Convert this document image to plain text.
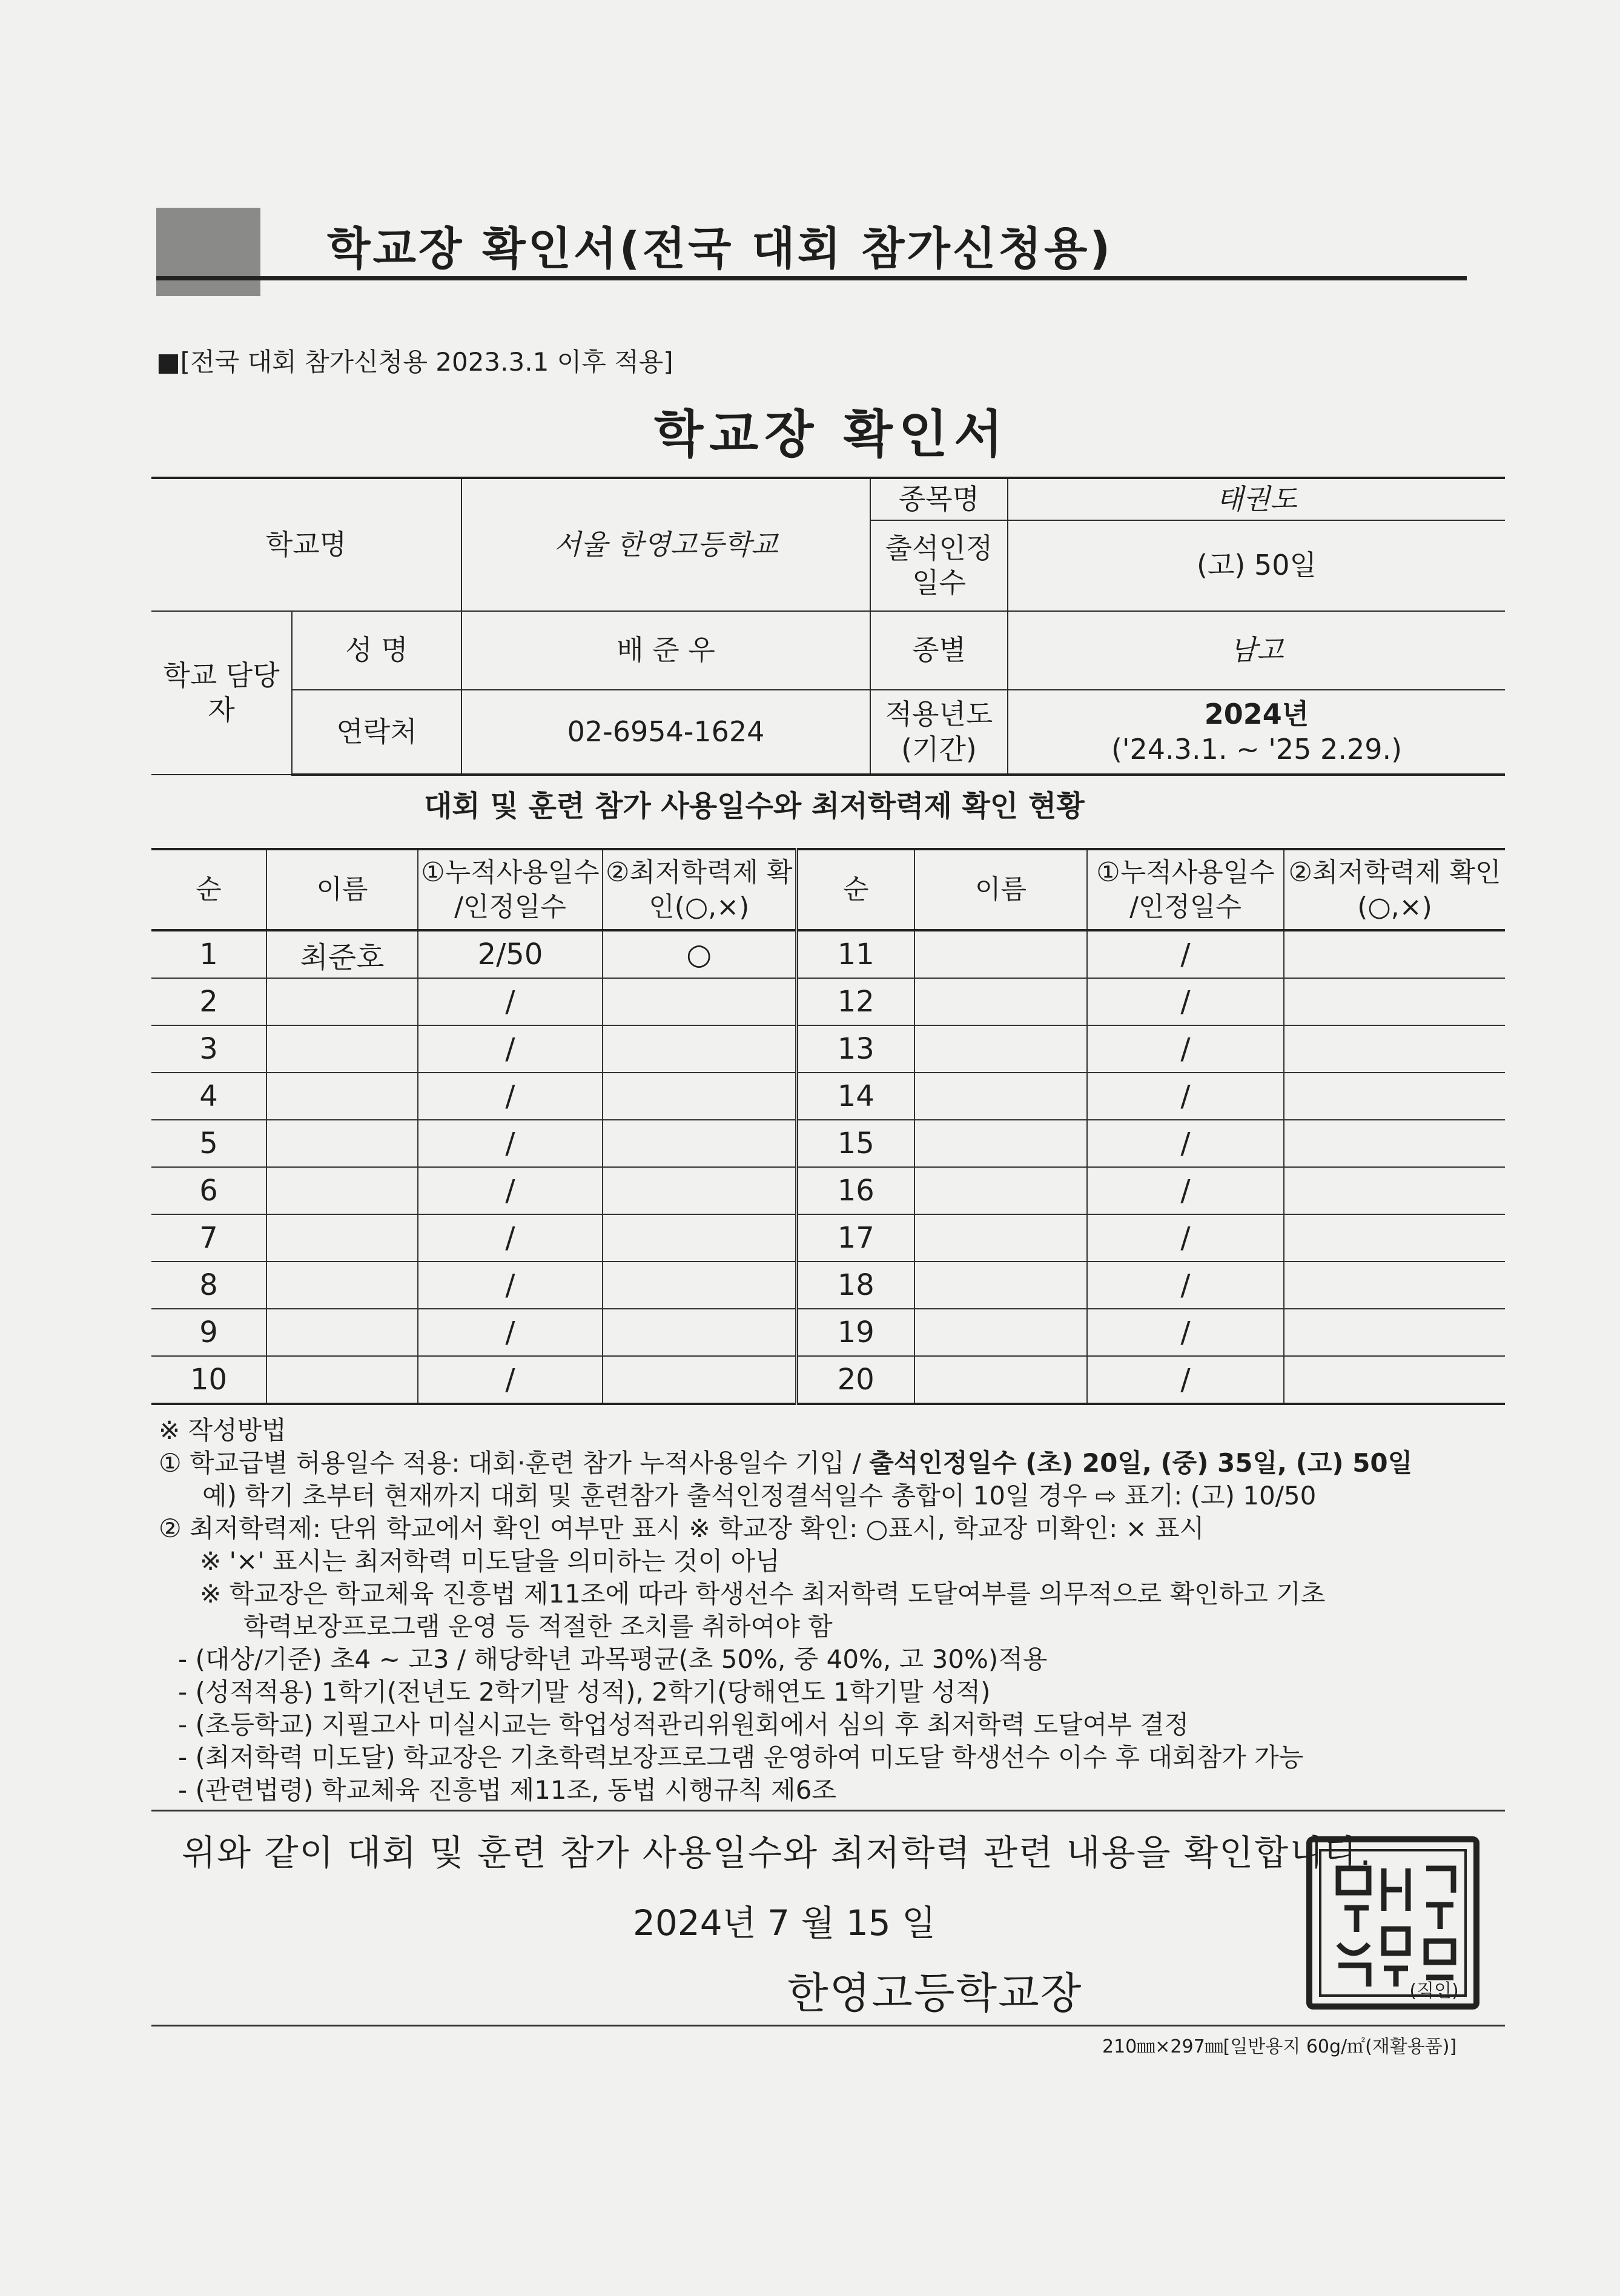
학교장 확인서(전국 대회 참가신청용)
■[전국 대회 참가신청용 2023.3.1 이후 적용]
학교장 확인서
학교명		서울 한영고등학교	종목명	태권도
			출석인정 일수	(고) 50일
학교 담당자	성 명	배 준 우	종별	남고
	연락처	02-6954-1624	적용년도 (기간)	2024년
('24.3.1. ~ '25 2.29.)
대회 및 훈련 참가 사용일수와 최저학력제 확인 현황
순	이름	①누적사용일수 /인정일수	②최저학력제 확인(○,×)	순	이름	①누적사용일수 /인정일수	②최저학력제 확인(○,×)
1	최준호	2/50	○	11		/	
2		/		12		/	
3		/		13		/	
4		/		14		/	
5		/		15		/	
6		/		16		/	
7		/		17		/	
8		/		18		/	
9		/		19		/	
10		/		20		/	
※ 작성방법
① 학교급별 허용일수 적용: 대회·훈련 참가 누적사용일수 기입 / 출석인정일수 (초) 20일, (중) 35일, (고) 50일
예) 학기 초부터 현재까지 대회 및 훈련참가 출석인정결석일수 총합이 10일 경우 ⇨ 표기: (고) 10/50
② 최저학력제: 단위 학교에서 확인 여부만 표시 ※ 학교장 확인: ○표시, 학교장 미확인: × 표시
※ '×' 표시는 최저학력 미도달을 의미하는 것이 아님
※ 학교장은 학교체육 진흥법 제11조에 따라 학생선수 최저학력 도달여부를 의무적으로 확인하고 기초
학력보장프로그램 운영 등 적절한 조치를 취하여야 함
- (대상/기준) 초4 ~ 고3 / 해당학년 과목평균(초 50%, 중 40%, 고 30%)적용
- (성적적용) 1학기(전년도 2학기말 성적), 2학기(당해연도 1학기말 성적)
- (초등학교) 지필고사 미실시교는 학업성적관리위원회에서 심의 후 최저학력 도달여부 결정
- (최저학력 미도달) 학교장은 기초학력보장프로그램 운영하여 미도달 학생선수 이수 후 대회참가 가능
- (관련법령) 학교체육 진흥법 제11조, 동법 시행규칙 제6조
위와 같이 대회 및 훈련 참가 사용일수와 최저학력 관련 내용을 확인합니다.
2024년 7 월 15 일
한영고등학교장	(직인)
210㎜×297㎜[일반용지 60g/㎡(재활용품)]
